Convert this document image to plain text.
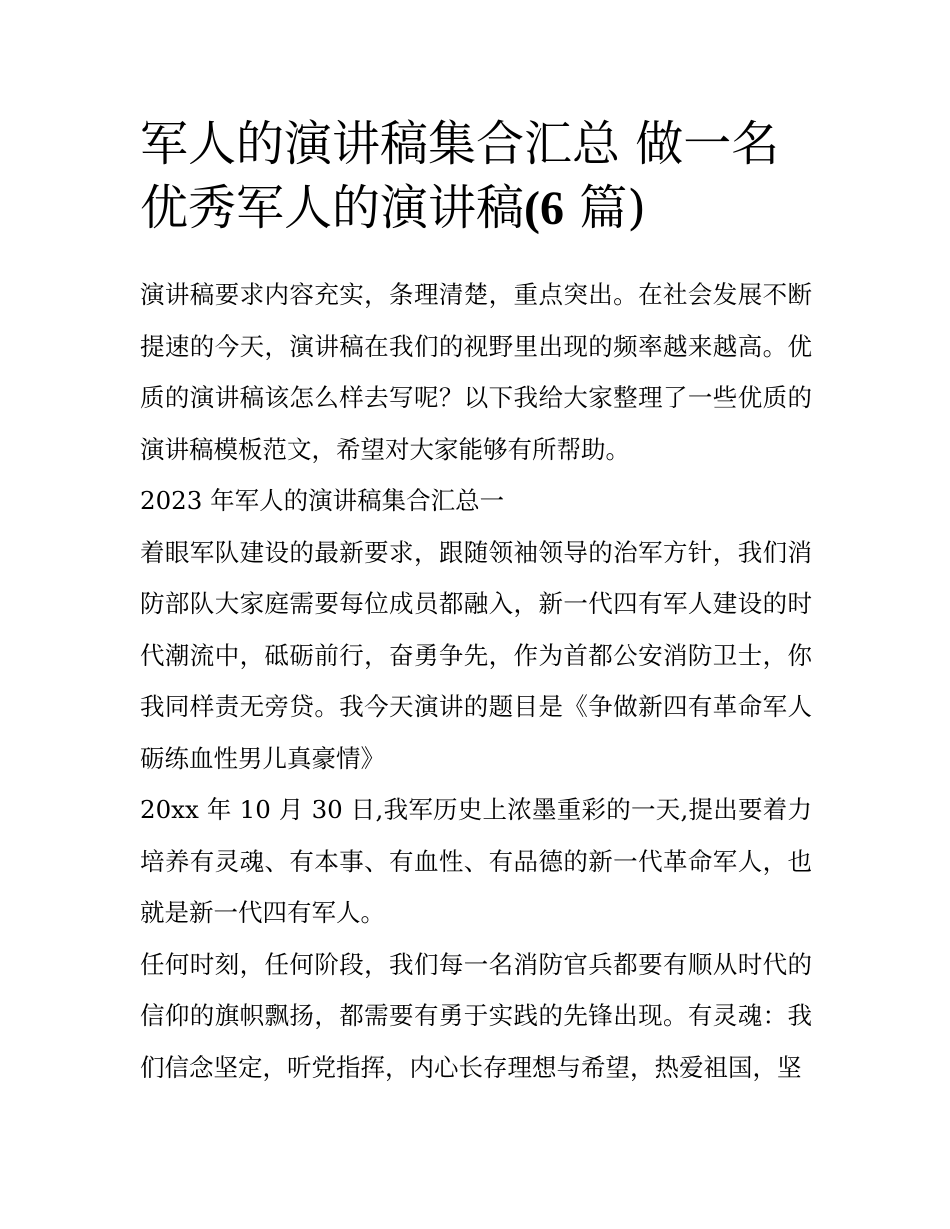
军人的演讲稿集合汇总 做一名优秀军人的演讲稿(6 篇)

演讲稿要求内容充实，条理清楚，重点突出。在社会发展不断提速的今天，演讲稿在我们的视野里出现的频率越来越高。优质的演讲稿该怎么样去写呢？以下我给大家整理了一些优质的演讲稿模板范文，希望对大家能够有所帮助。

2023 年军人的演讲稿集合汇总一

着眼军队建设的最新要求，跟随领袖领导的治军方针，我们消防部队大家庭需要每位成员都融入，新一代四有军人建设的时代潮流中，砥砺前行，奋勇争先，作为首都公安消防卫士，你我同样责无旁贷。我今天演讲的题目是《争做新四有革命军人砺练血性男儿真豪情》

20xx 年 10 月 30 日,我军历史上浓墨重彩的一天,提出要着力培养有灵魂、有本事、有血性、有品德的新一代革命军人，也就是新一代四有军人。

任何时刻，任何阶段，我们每一名消防官兵都要有顺从时代的信仰的旗帜飘扬，都需要有勇于实践的先锋出现。有灵魂：我们信念坚定，听党指挥，内心长存理想与希望，热爱祖国，坚
